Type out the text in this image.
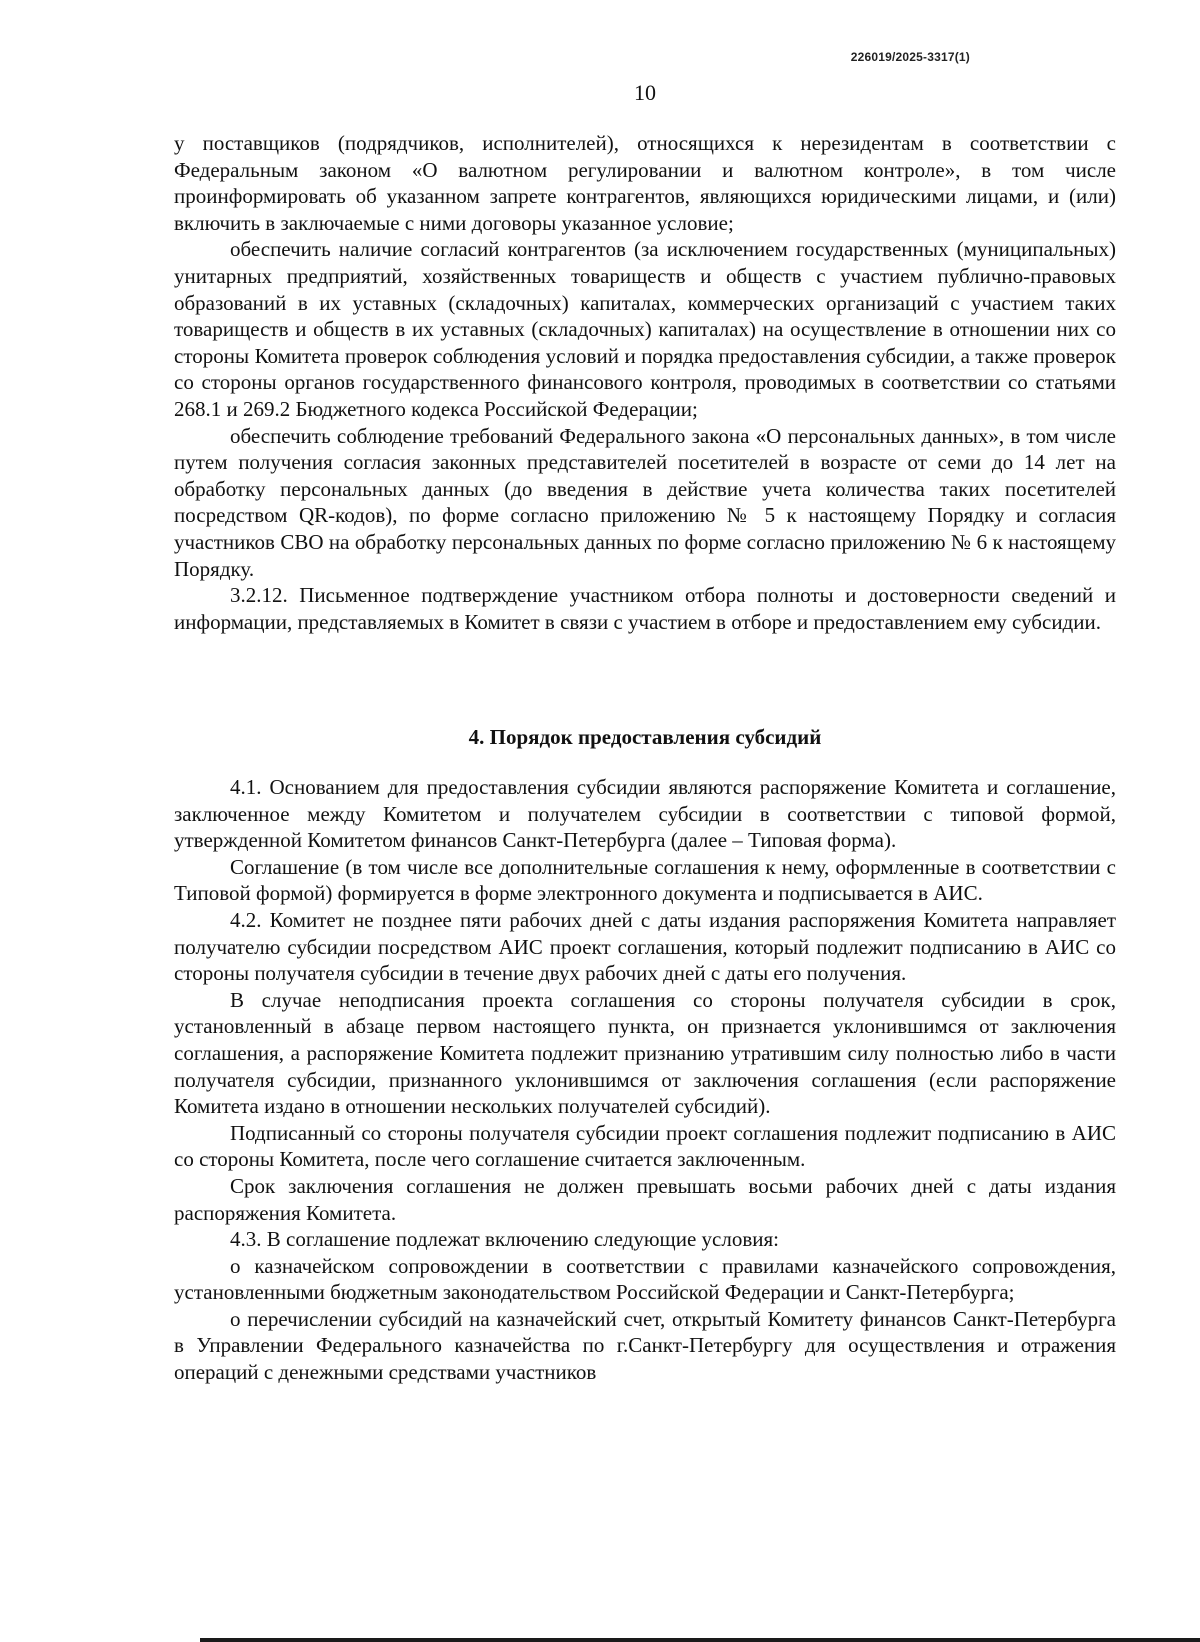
226019/2025-3317(1)
10

у поставщиков (подрядчиков, исполнителей), относящихся к нерезидентам в соответствии с Федеральным законом «О валютном регулировании и валютном контроле», в том числе проинформировать об указанном запрете контрагентов, являющихся юридическими лицами, и (или) включить в заключаемые с ними договоры указанное условие;

обеспечить наличие согласий контрагентов (за исключением государственных (муниципальных) унитарных предприятий, хозяйственных товариществ и обществ с участием публично-правовых образований в их уставных (складочных) капиталах, коммерческих организаций с участием таких товариществ и обществ в их уставных (складочных) капиталах) на осуществление в отношении них со стороны Комитета проверок соблюдения условий и порядка предоставления субсидии, а также проверок со стороны органов государственного финансового контроля, проводимых в соответствии со статьями 268.1 и 269.2 Бюджетного кодекса Российской Федерации;

обеспечить соблюдение требований Федерального закона «О персональных данных», в том числе путем получения согласия законных представителей посетителей в возрасте от семи до 14 лет на обработку персональных данных (до введения в действие учета количества таких посетителей посредством QR-кодов), по форме согласно приложению № 5 к настоящему Порядку и согласия участников СВО на обработку персональных данных по форме согласно приложению № 6 к настоящему Порядку.

3.2.12. Письменное подтверждение участником отбора полноты и достоверности сведений и информации, представляемых в Комитет в связи с участием в отборе и предоставлением ему субсидии.

4. Порядок предоставления субсидий

4.1. Основанием для предоставления субсидии являются распоряжение Комитета и соглашение, заключенное между Комитетом и получателем субсидии в соответствии с типовой формой, утвержденной Комитетом финансов Санкт-Петербурга (далее – Типовая форма).

Соглашение (в том числе все дополнительные соглашения к нему, оформленные в соответствии с Типовой формой) формируется в форме электронного документа и подписывается в АИС.

4.2. Комитет не позднее пяти рабочих дней с даты издания распоряжения Комитета направляет получателю субсидии посредством АИС проект соглашения, который подлежит подписанию в АИС со стороны получателя субсидии в течение двух рабочих дней с даты его получения.

В случае неподписания проекта соглашения со стороны получателя субсидии в срок, установленный в абзаце первом настоящего пункта, он признается уклонившимся от заключения соглашения, а распоряжение Комитета подлежит признанию утратившим силу полностью либо в части получателя субсидии, признанного уклонившимся от заключения соглашения (если распоряжение Комитета издано в отношении нескольких получателей субсидий).

Подписанный со стороны получателя субсидии проект соглашения подлежит подписанию в АИС со стороны Комитета, после чего соглашение считается заключенным.

Срок заключения соглашения не должен превышать восьми рабочих дней с даты издания распоряжения Комитета.

4.3. В соглашение подлежат включению следующие условия:

о казначейском сопровождении в соответствии с правилами казначейского сопровождения, установленными бюджетным законодательством Российской Федерации и Санкт-Петербурга;

о перечислении субсидий на казначейский счет, открытый Комитету финансов Санкт-Петербурга в Управлении Федерального казначейства по г.Санкт-Петербургу для осуществления и отражения операций с денежными средствами участников
